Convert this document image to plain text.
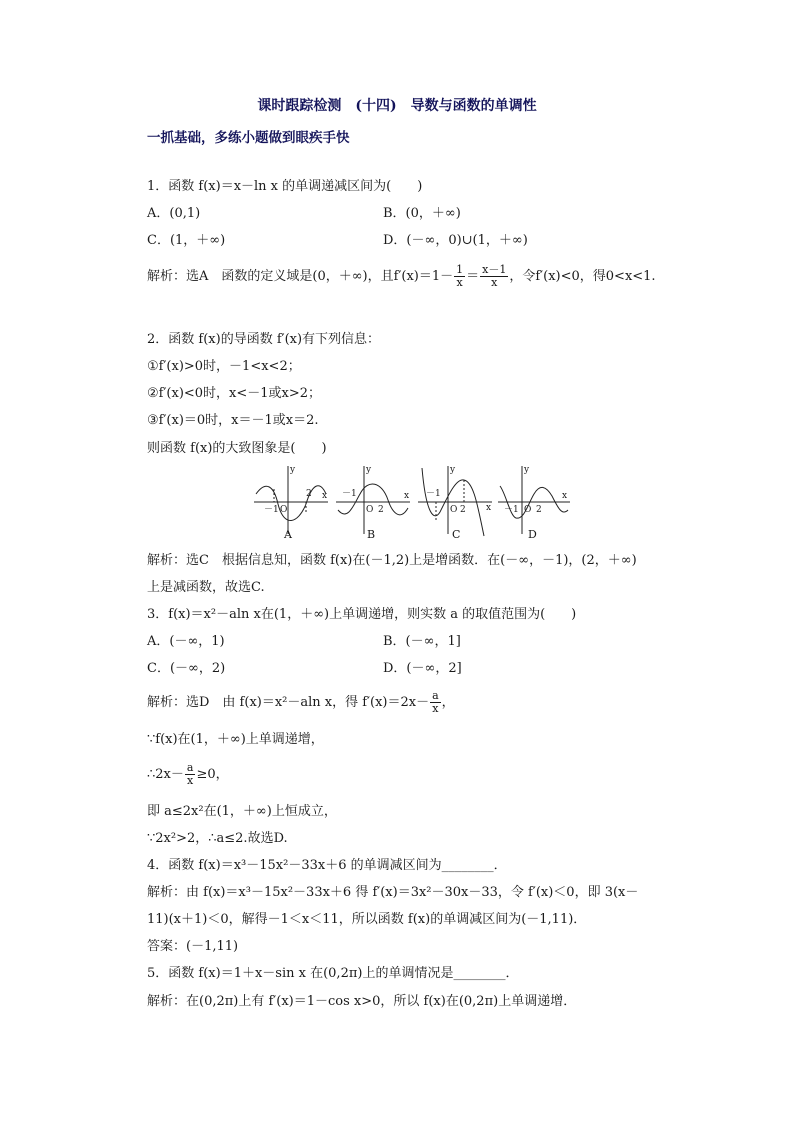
课时跟踪检测　(十四)　导数与函数的单调性
一抓基础，多练小题做到眼疾手快
1．函数 f(x)＝x－ln x 的单调递减区间为(　　)
A．(0,1)	B．(0，＋∞)
C．(1，＋∞)	D．(－∞，0)∪(1，＋∞)
解析：选A　函数的定义域是(0，＋∞)，且$f'(x)=1- \frac{1}{x} = \frac{x-1}{x}$ ，令f′(x)<0，得0<x<1.
2．函数 f(x)的导函数 f′(x)有下列信息：
①f′(x)>0时，－1<x<2；
②f′(x)<0时，x<－1或x>2；
③f′(x)＝0时，x＝－1或x＝2.
则函数 f(x)的大致图象是(　　)
y
x
－1 O
2
y
x
－1
O 2
y
x
－1
O 2
y
x
－1 O 2
A	B	C	D
解析：选C　根据信息知，函数 f(x)在(－1,2)上是增函数．在(－∞，－1)，(2，＋∞)
上是减函数，故选C.
3．f(x)＝x²－aln x在(1，＋∞)上单调递增，则实数 a 的取值范围为(　　)
A．(－∞，1)	B．(－∞，1]
C．(－∞，2)	D．(－∞，2]
解析：选D　由 f(x)＝x²－aln x，得 $f'(x)=2x- \frac{a}{x}$ ，
∵f(x)在(1，＋∞)上单调递增，
∴2x－ $\frac{a}{x} \ge 0$，
即 a≤2x²在(1，＋∞)上恒成立，
∵2x²>2，∴a≤2.故选D.
4．函数 f(x)＝x³－15x²－33x＋6 的单调减区间为________．
解析：由 f(x)＝x³－15x²－33x＋6 得 f′(x)＝3x²－30x－33，令 f′(x)＜0，即 3(x－
11)(x＋1)＜0，解得－1＜x＜11，所以函数 f(x)的单调减区间为(－1,11)．
答案：(－1,11)
5．函数 f(x)＝1＋x－sin x 在(0,2π)上的单调情况是________．
解析：在(0,2π)上有 f′(x)＝1－cos x>0，所以 f(x)在(0,2π)上单调递增．
